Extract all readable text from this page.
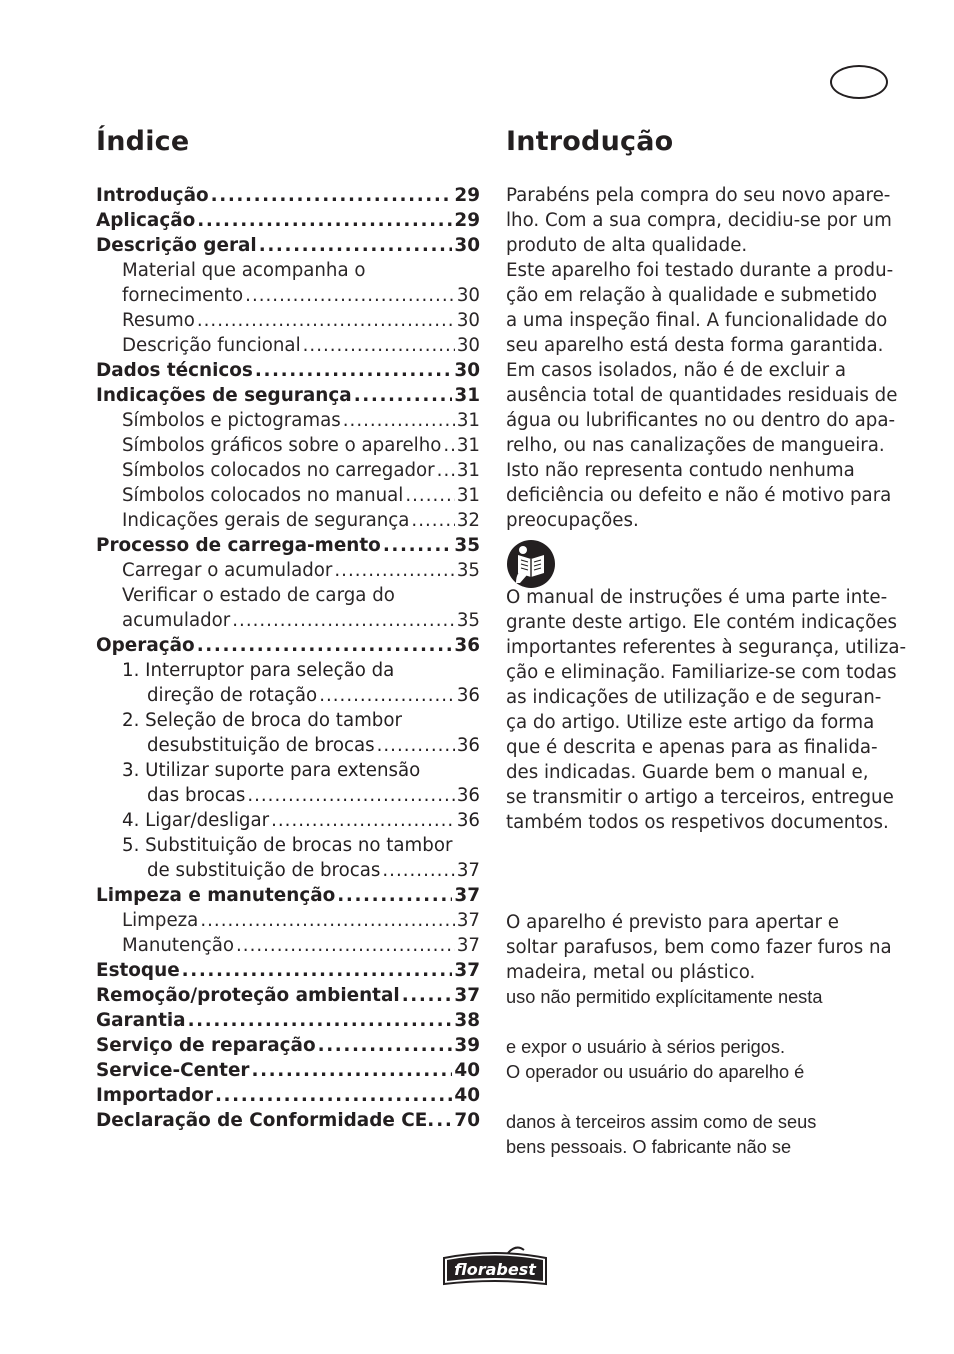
Índice
Introdução .....	29
Aplicação .....	29
Descrição geral .....	30
Material que acompanha o
fornecimento .....	30
Resumo .....	30
Descrição funcional .....	30
Dados técnicos .....	30
Indicações de segurança .....	31
Símbolos e pictogramas .....	31
Símbolos gráficos sobre o aparelho ..... 31
Símbolos colocados no carregador ..... 31
Símbolos colocados no manual .....	31
Indicações gerais de segurança .....	32
Processo de carrega-mento .....	35
Carregar o acumulador .....	35
Verificar o estado de carga do
acumulador .....	35
Operação .....	36
1. Interruptor para seleção da
direção de rotação .....	36
2. Seleção de broca do tambor
desubstituição de brocas .....	36
3. Utilizar suporte para extensão
das brocas .....	36
4. Ligar/desligar .....	36
5. Substituição de brocas no tambor
de substituição de brocas .....	37
Limpeza e manutenção .....	37
Limpeza .....	37
Manutenção .....	37
Estoque .....	37
Remoção/proteção ambiental .....	37
Garantia .....	38
Serviço de reparação .....	39
Service-Center .....	40
Importador .....	40
Declaração de Conformidade CE. ..... 70
Introdução
Parabéns pela compra do seu novo apare-
lho. Com a sua compra, decidiu-se por um
produto de alta qualidade.
Este aparelho foi testado durante a produ-
ção em relação à qualidade e submetido
a uma inspeção final. A funcionalidade do
seu aparelho está desta forma garantida.
Em casos isolados, não é de excluir a
ausência total de quantidades residuais de
água ou lubrificantes no ou dentro do apa-
relho, ou nas canalizações de mangueira.
Isto não representa contudo nenhuma
deficiência ou defeito e não é motivo para
preocupações.
O manual de instruções é uma parte inte-
grante deste artigo. Ele contém indicações
importantes referentes à segurança, utiliza-
ção e eliminação. Familiarize-se com todas
as indicações de utilização e de seguran-
ça do artigo. Utilize este artigo da forma
que é descrita e apenas para as finalida-
des indicadas. Guarde bem o manual e,
se transmitir o artigo a terceiros, entregue
também todos os respetivos documentos.
O aparelho é previsto para apertar e
soltar parafusos, bem como fazer furos na
madeira, metal ou plástico.
uso não permitido explícitamente nesta
e expor o usuário à sérios perigos.
O operador ou usuário do aparelho é
danos à terceiros assim como de seus
bens pessoais. O fabricante não se
florabest
